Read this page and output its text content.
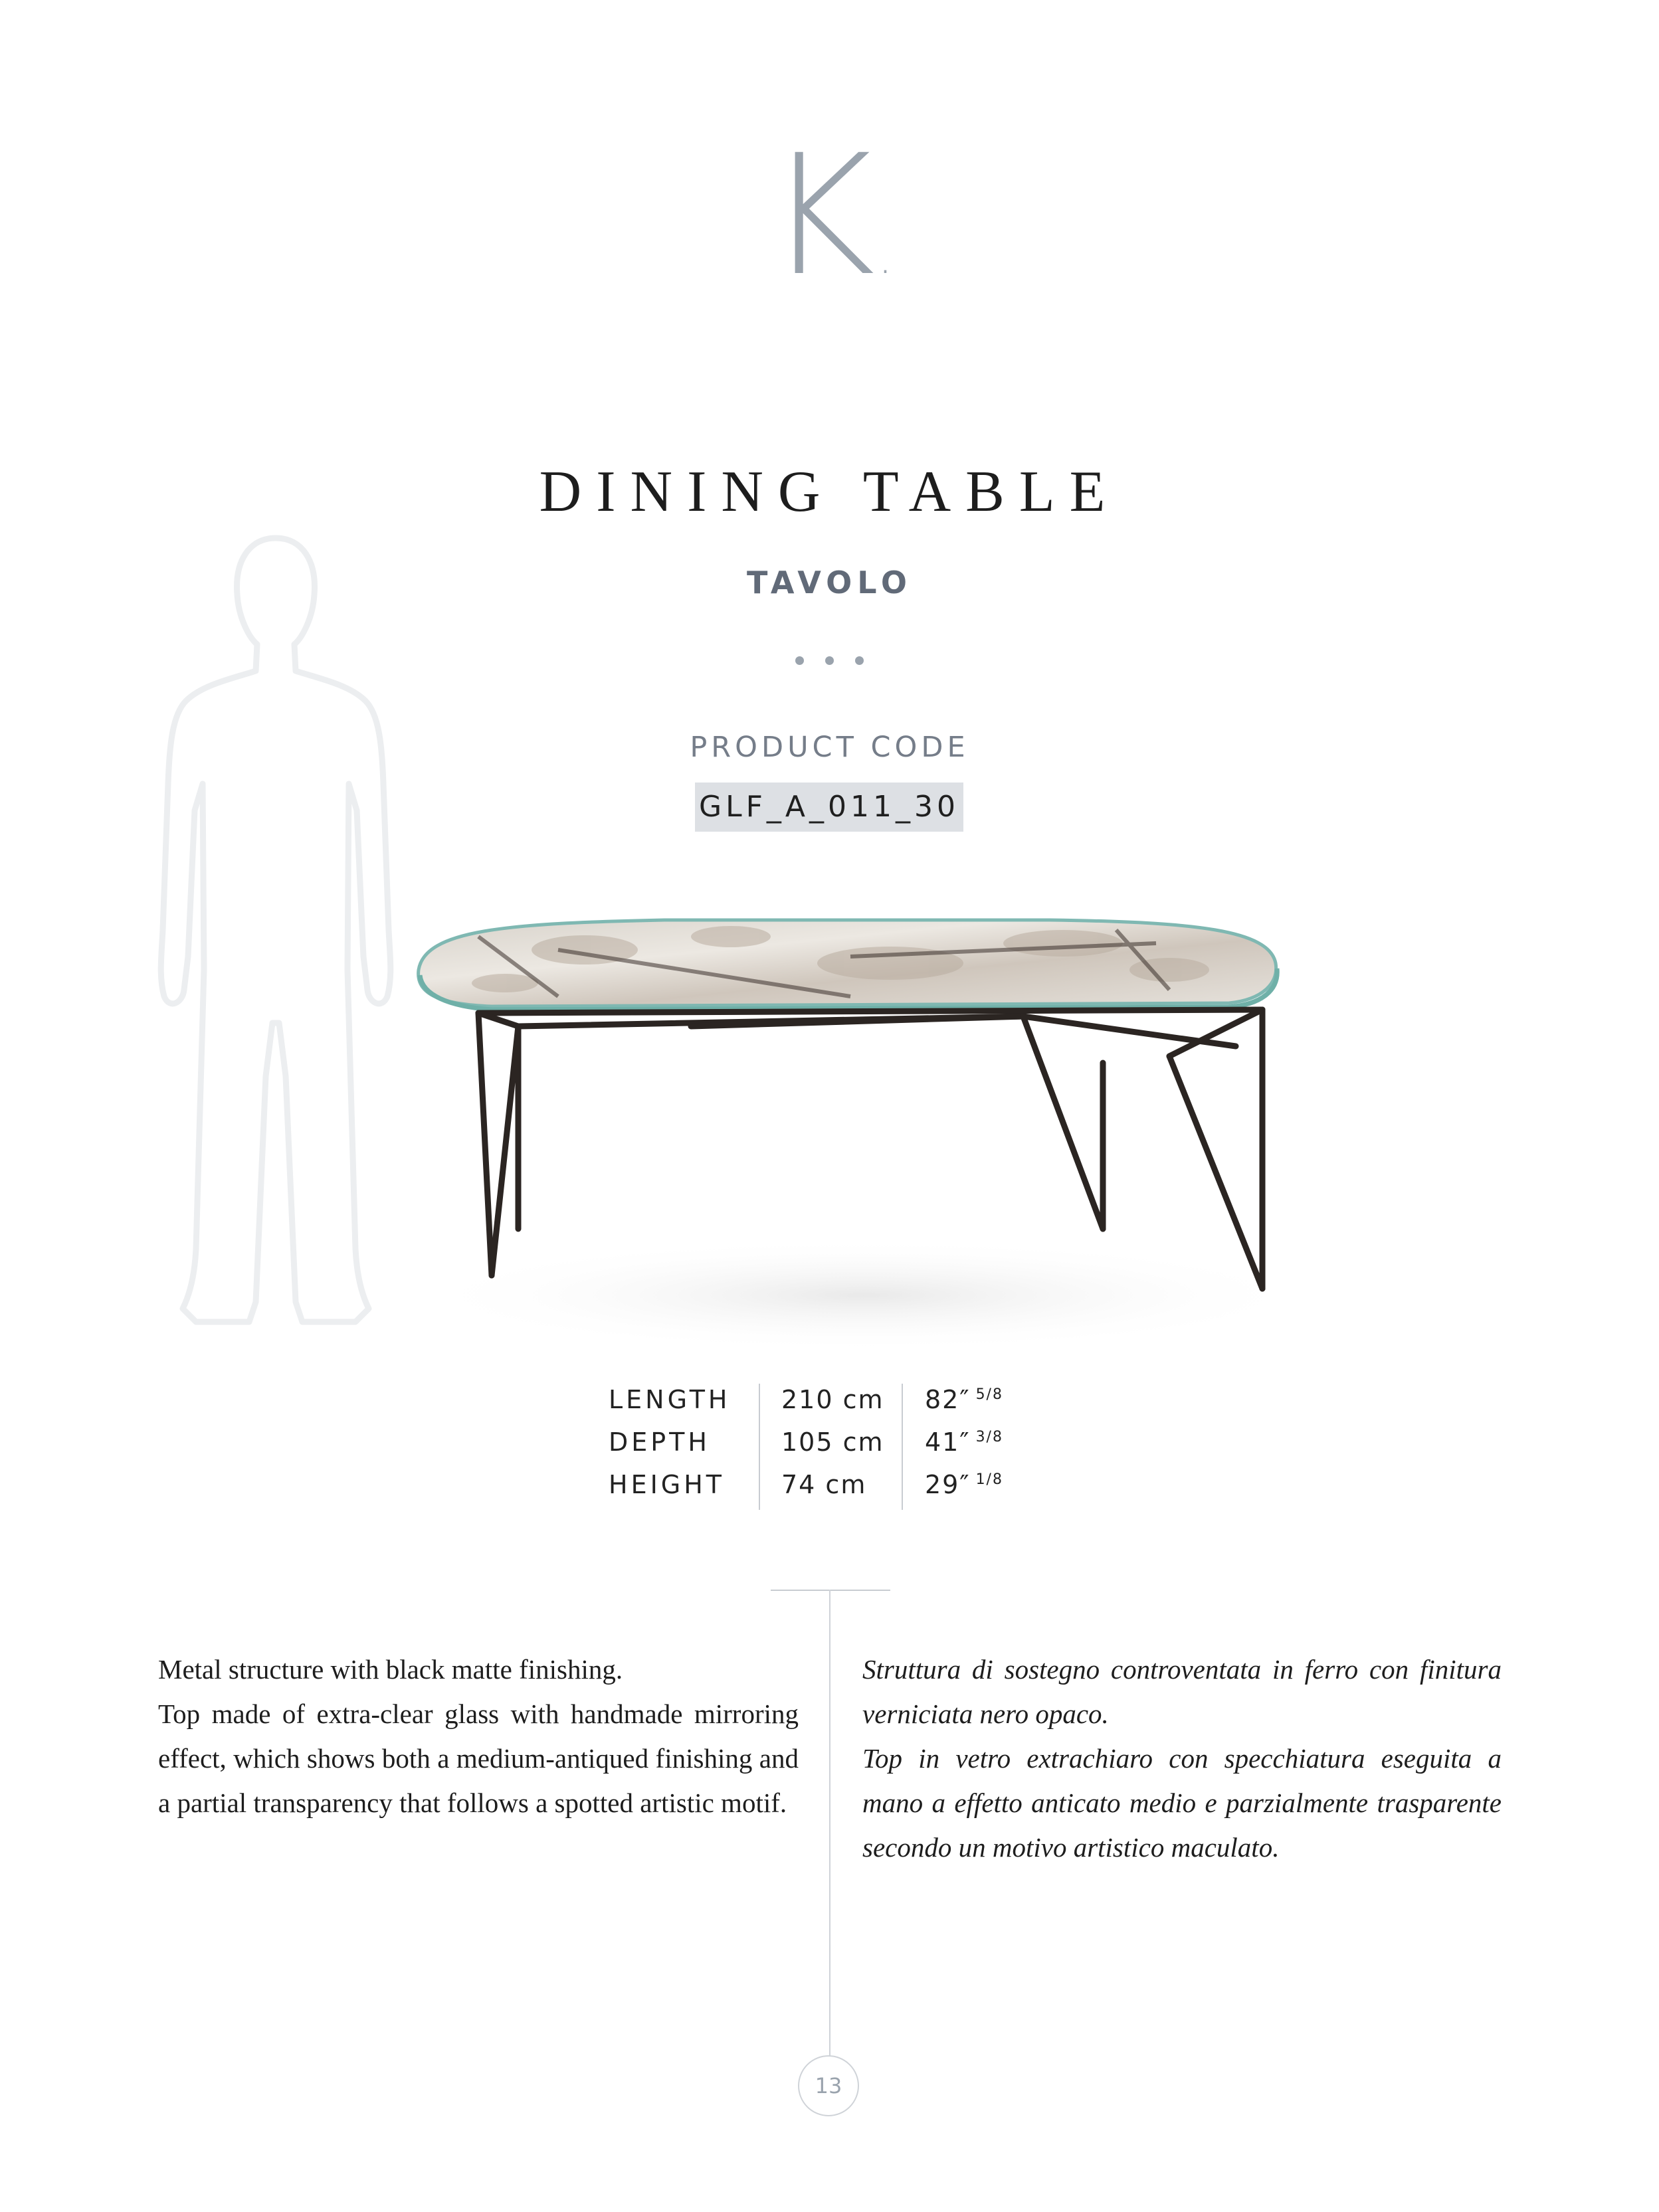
K.
DINING TABLE
TAVOLO
PRODUCT CODE
GLF_A_011_30
LENGTH	210 cm	82″ $^{5/8}$
DEPTH	105 cm	41″ $^{3/8}$
HEIGHT	74 cm	29″ $^{1/8}$

Metal structure with black matte finishing.

Top made of extra-clear glass with handmade mirroring effect, which shows both a medium-antiqued finishing and a partial transparency that follows a spotted artistic motif.

Struttura di sostegno controventata in ferro con finitura verniciata nero opaco.

Top in vetro extrachiaro con specchiatura eseguita a mano a effetto anticato medio e parzialmente trasparente secondo un motivo artistico maculato.

13
